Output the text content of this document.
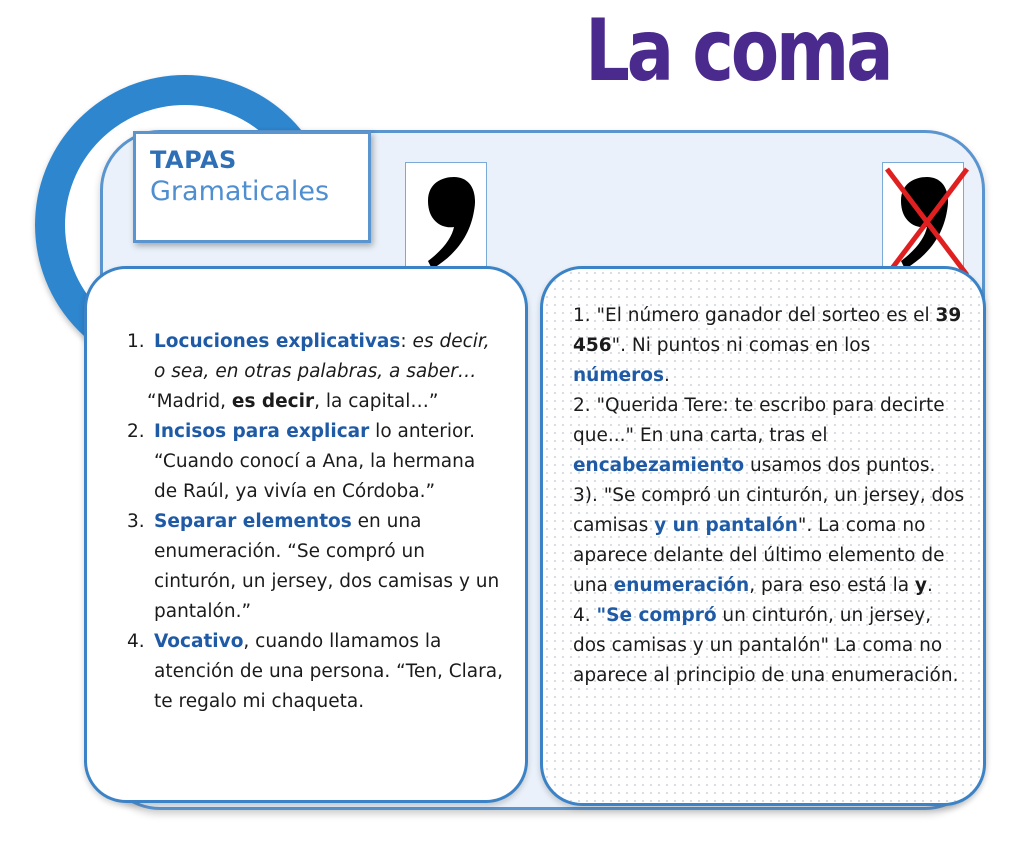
La coma
TAPAS
Gramaticales
1. Locuciones explicativas: es decir, o sea, en otras palabras, a saber…
“Madrid, es decir, la capital…”
2. Incisos para explicar lo anterior.
“Cuando conocí a Ana, la hermana de Raúl, ya vivía en Córdoba.”
3. Separar elementos en una enumeración. “Se compró un cinturón, un jersey, dos camisas y un pantalón.”
4. Vocativo, cuando llamamos la atención de una persona. “Ten, Clara, te regalo mi chaqueta.

1. "El número ganador del sorteo es el 39 456". Ni puntos ni comas en los números.

2. "Querida Tere: te escribo para decirte que..." En una carta, tras el encabezamiento usamos dos puntos.

3). "Se compró un cinturón, un jersey, dos camisas y un pantalón". La coma no aparece delante del último elemento de una enumeración, para eso está la y.

4. "Se compró un cinturón, un jersey, dos camisas y un pantalón" La coma no aparece al principio de una enumeración.
